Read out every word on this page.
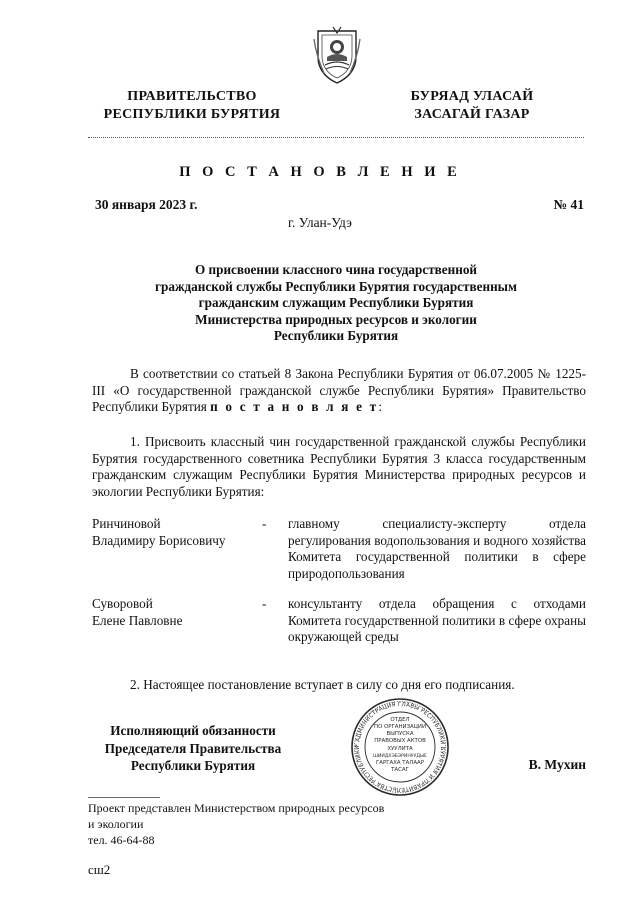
ПРАВИТЕЛЬСТВО
РЕСПУБЛИКИ БУРЯТИЯ
БУРЯАД УЛАСАЙ
ЗАСАГАЙ ГАЗАР
П О С Т А Н О В Л Е Н И Е
30 января 2023 г.	№ 41
г. Улан-Удэ
О присвоении классного чина государственной
гражданской службы Республики Бурятия государственным
гражданским служащим Республики Бурятия
Министерства природных ресурсов и экологии
Республики Бурятия
В соответствии со статьей 8 Закона Республики Бурятия от 06.07.2005 № 1225-III «О государственной гражданской службе Республики Бурятия» Правительство Республики Бурятия п о с т а н о в л я е т:
1. Присвоить классный чин государственной гражданской службы Республики Бурятия государственного советника Республики Бурятия 3 класса государственным гражданским служащим Республики Бурятия Министерства природных ресурсов и экологии Республики Бурятия:
Ринчиновой
Владимиру Борисовичу
- главному специалисту-эксперту отдела регулирования водопользования и водного хозяйства Комитета государственной политики в сфере природопользования
Суворовой
Елене Павловне
- консультанту отдела обращения с отходами Комитета государственной политики в сфере охраны окружающей среды
2. Настоящее постановление вступает в силу со дня его подписания.
Исполняющий обязанности
Председателя Правительства
Республики Бурятия	В. Мухин
* АДМИНИСТРАЦИЯ ГЛАВЫ РЕСПУБЛИКИ БУРЯТИЯ И ПРАВИТЕЛЬСТВА РЕСПУБЛИКИ
ОТДЕЛ
ПО ОРГАНИЗАЦИИ
ВЫПУСКА
ПРАВОВЫХ АКТОВ
ХУУЛИТА
ШИИДХЭБЭРИНУУДЫЕ
ГАРГАХА ТАЛААР
ТАСАГ
Проект представлен Министерством природных ресурсов
и экологии
тел. 46-64-88
сш2
